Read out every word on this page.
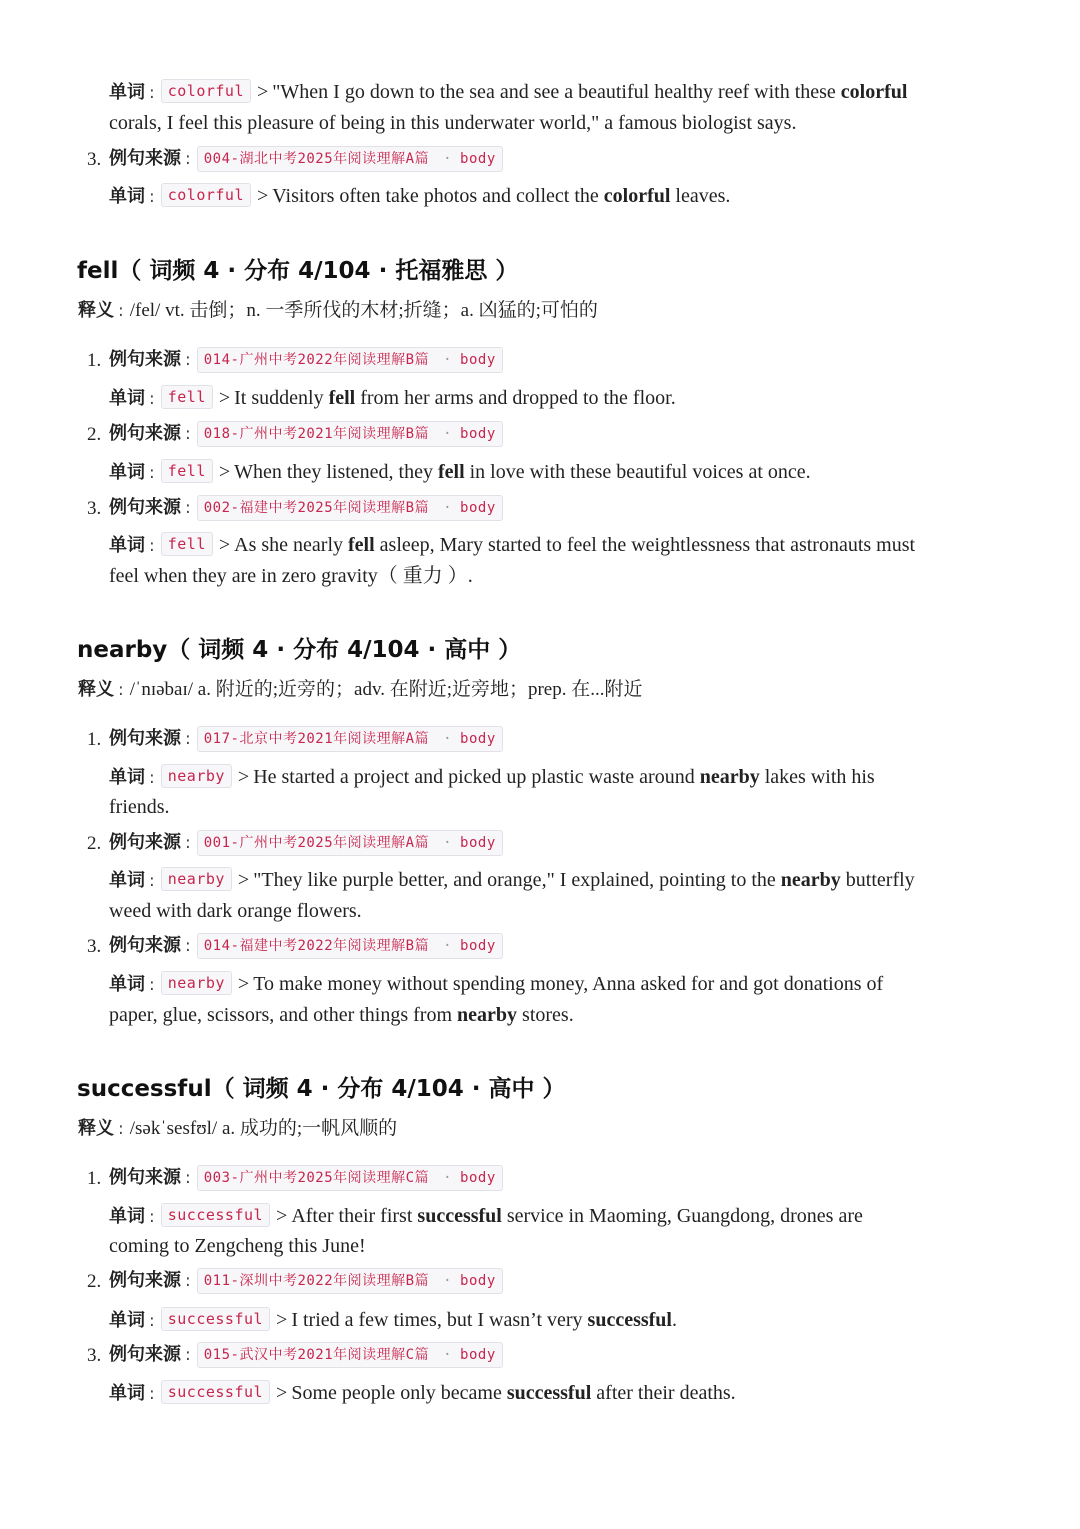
单词 : colorful > "When I go down to the sea and see a beautiful healthy reef with these colorful
corals, I feel this pleasure of being in this underwater world," a famous biologist says.
3. 例句来源 : 004-湖北中考2025年阅读理解A篇 · body
单词 : colorful > Visitors often take photos and collect the colorful leaves.
fell（ 词频 4 · 分布 4/104 · 托福雅思 ）
释义 : /fel/ vt. 击倒；n. 一季所伐的木材;折缝；a. 凶猛的;可怕的
1. 例句来源 : 014-广州中考2022年阅读理解B篇 · body
单词 : fell > It suddenly fell from her arms and dropped to the floor.
2. 例句来源 : 018-广州中考2021年阅读理解B篇 · body
单词 : fell > When they listened, they fell in love with these beautiful voices at once.
3. 例句来源 : 002-福建中考2025年阅读理解B篇 · body
单词 : fell > As she nearly fell asleep, Mary started to feel the weightlessness that astronauts must
feel when they are in zero gravity（ 重力 ）.
nearby（ 词频 4 · 分布 4/104 · 高中 ）
释义 : /ˈnɪəbaɪ/ a. 附近的;近旁的；adv. 在附近;近旁地；prep. 在...附近
1. 例句来源 : 017-北京中考2021年阅读理解A篇 · body
单词 : nearby > He started a project and picked up plastic waste around nearby lakes with his
friends.
2. 例句来源 : 001-广州中考2025年阅读理解A篇 · body
单词 : nearby > "They like purple better, and orange," I explained, pointing to the nearby butterfly
weed with dark orange flowers.
3. 例句来源 : 014-福建中考2022年阅读理解B篇 · body
单词 : nearby > To make money without spending money, Anna asked for and got donations of
paper, glue, scissors, and other things from nearby stores.
successful（ 词频 4 · 分布 4/104 · 高中 ）
释义 : /səkˈsesfʊl/ a. 成功的;一帆风顺的
1. 例句来源 : 003-广州中考2025年阅读理解C篇 · body
单词 : successful > After their first successful service in Maoming, Guangdong, drones are
coming to Zengcheng this June!
2. 例句来源 : 011-深圳中考2022年阅读理解B篇 · body
单词 : successful > I tried a few times, but I wasn’t very successful.
3. 例句来源 : 015-武汉中考2021年阅读理解C篇 · body
单词 : successful > Some people only became successful after their deaths.
